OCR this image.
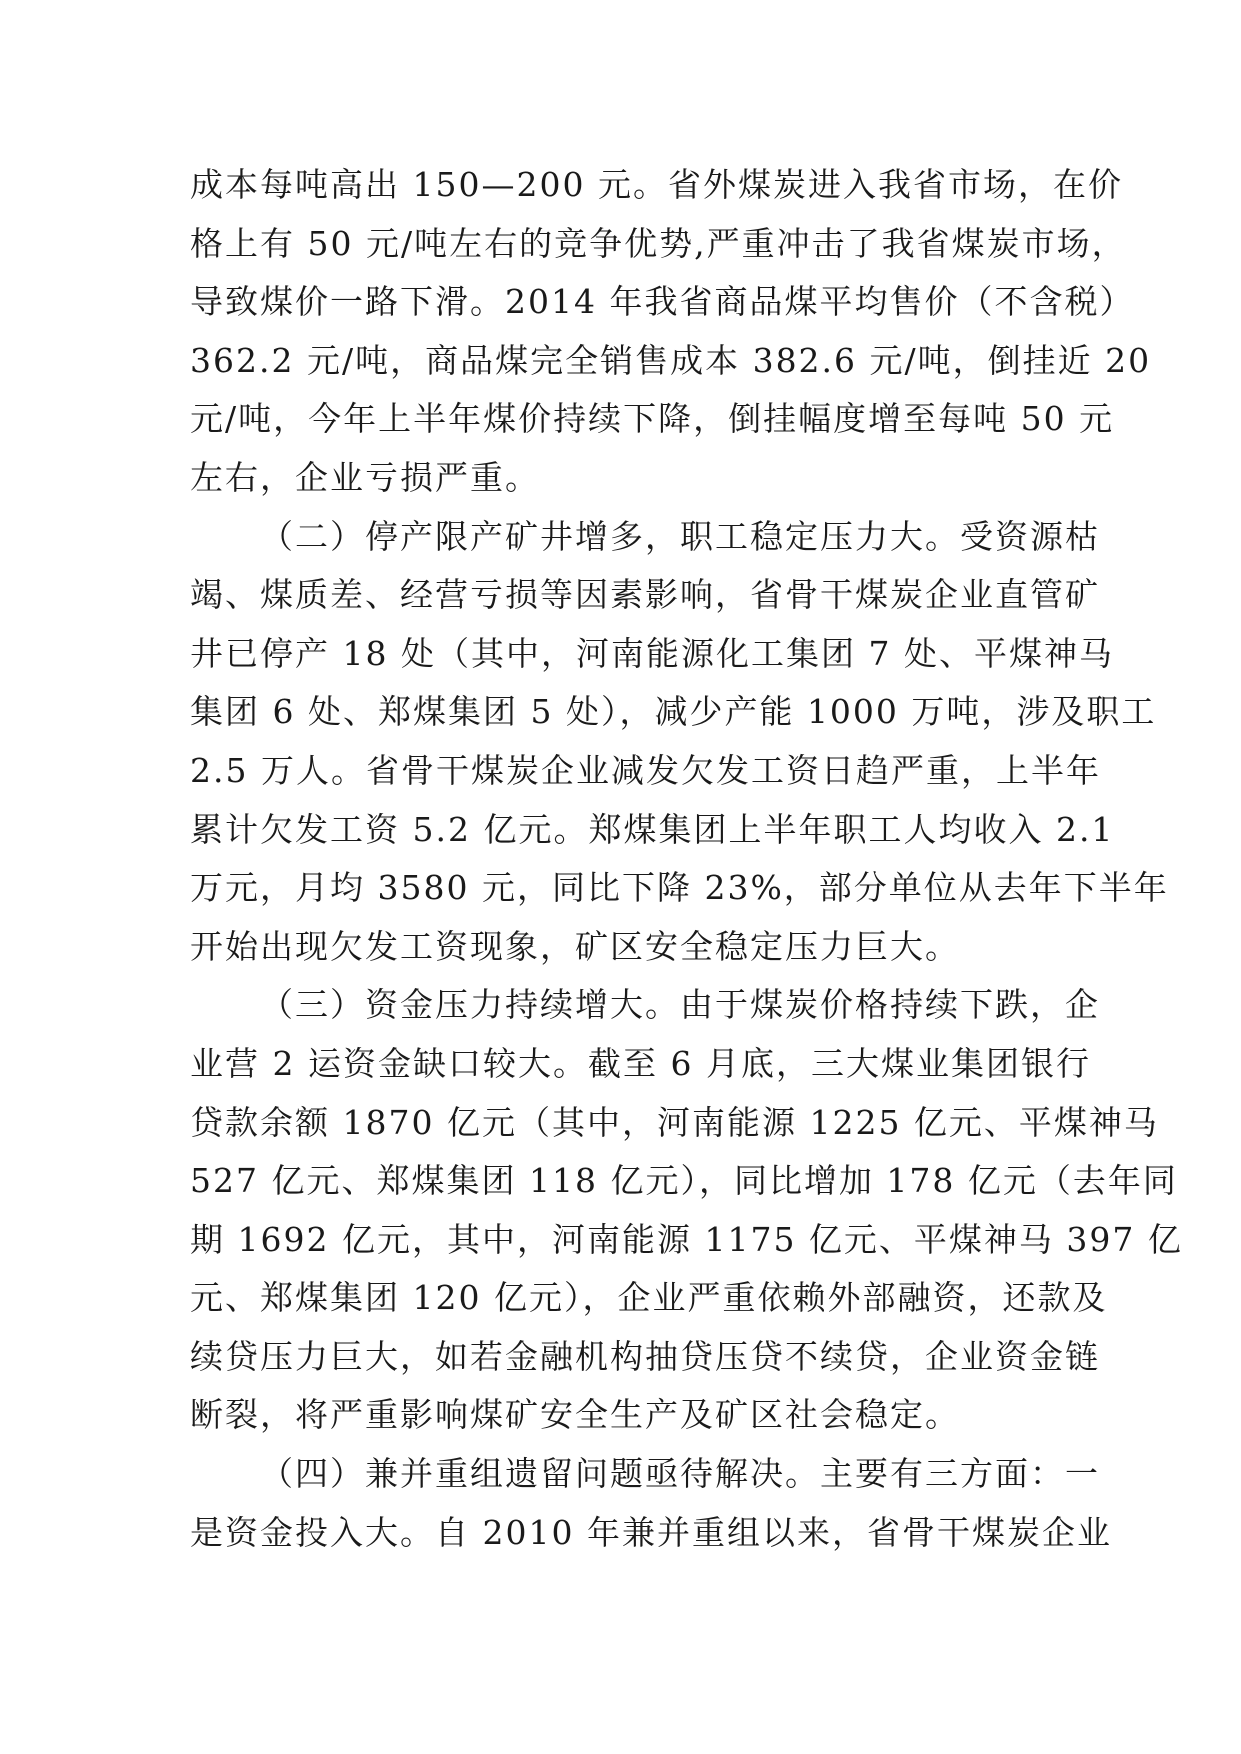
成本每吨高出 150—200 元。省外煤炭进入我省市场，在价
格上有 50 元/吨左右的竞争优势,严重冲击了我省煤炭市场，
导致煤价一路下滑。2014 年我省商品煤平均售价（不含税）
362.2 元/吨，商品煤完全销售成本 382.6 元/吨，倒挂近 20
元/吨，今年上半年煤价持续下降，倒挂幅度增至每吨 50 元
左右，企业亏损严重。
（二）停产限产矿井增多，职工稳定压力大。受资源枯
竭、煤质差、经营亏损等因素影响，省骨干煤炭企业直管矿
井已停产 18 处（其中，河南能源化工集团 7 处、平煤神马
集团 6 处、郑煤集团 5 处），减少产能 1000 万吨，涉及职工
2.5 万人。省骨干煤炭企业减发欠发工资日趋严重，上半年
累计欠发工资 5.2 亿元。郑煤集团上半年职工人均收入 2.1
万元，月均 3580 元，同比下降 23%，部分单位从去年下半年
开始出现欠发工资现象，矿区安全稳定压力巨大。
（三）资金压力持续增大。由于煤炭价格持续下跌，企
业营 2 运资金缺口较大。截至 6 月底，三大煤业集团银行
贷款余额 1870 亿元（其中，河南能源 1225 亿元、平煤神马
527 亿元、郑煤集团 118 亿元），同比增加 178 亿元（去年同
期 1692 亿元，其中，河南能源 1175 亿元、平煤神马 397 亿
元、郑煤集团 120 亿元），企业严重依赖外部融资，还款及
续贷压力巨大，如若金融机构抽贷压贷不续贷，企业资金链
断裂，将严重影响煤矿安全生产及矿区社会稳定。
（四）兼并重组遗留问题亟待解决。主要有三方面：一
是资金投入大。自 2010 年兼并重组以来，省骨干煤炭企业
